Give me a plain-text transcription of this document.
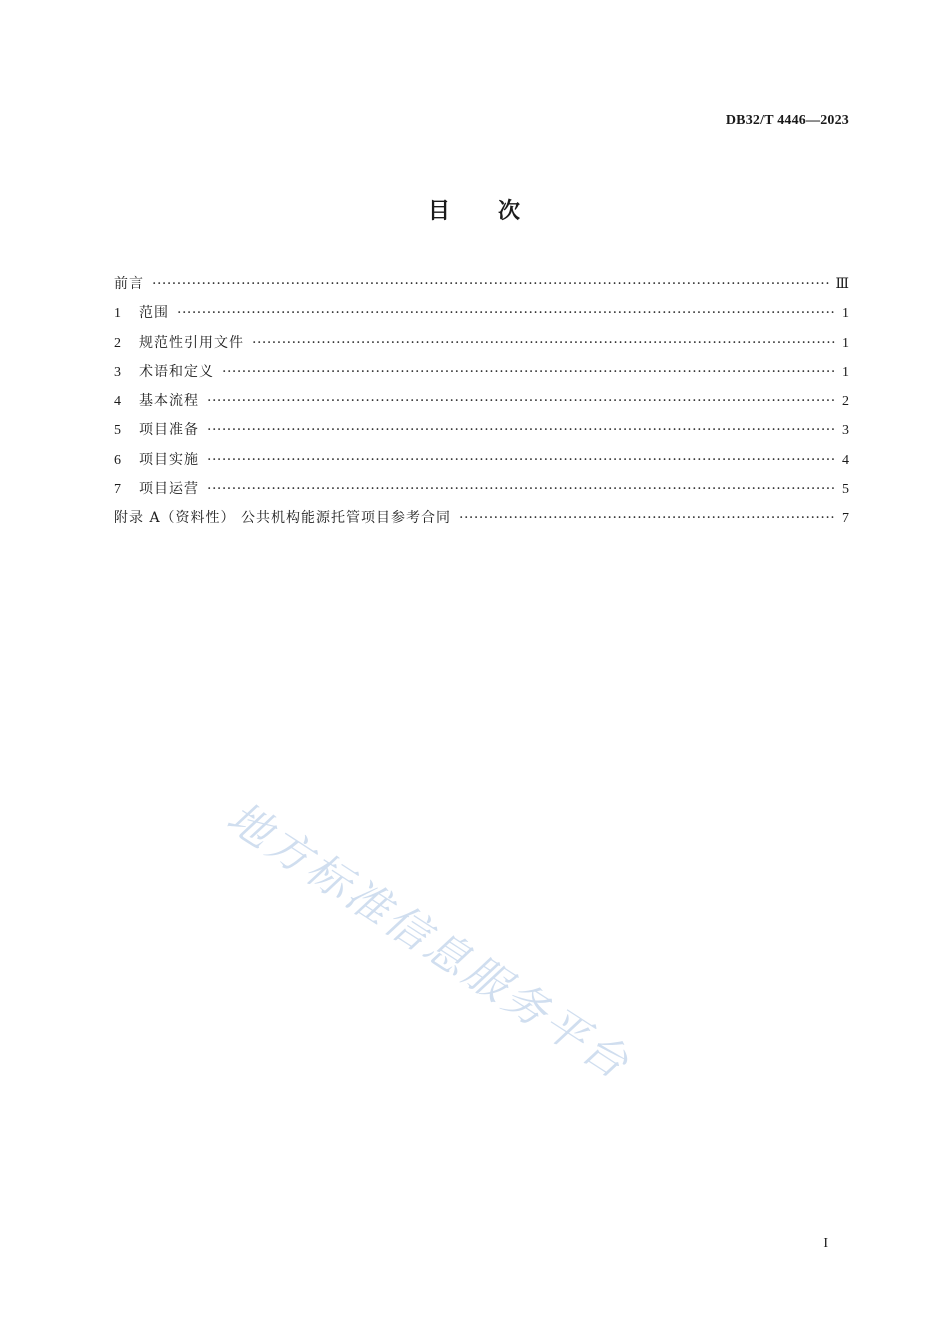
DB32/T 4446—2023
目 次
前言 ·····	Ⅲ
1	范围 ·····	1
2	规范性引用文件 ·····	1
3	术语和定义 ·····	1
4	基本流程 ·····	2
5	项目准备 ·····	3
6	项目实施 ·····	4
7	项目运营 ·····	5
附录 A（资料性） 公共机构能源托管项目参考合同 ·····	7
地方标准信息服务平台
I
